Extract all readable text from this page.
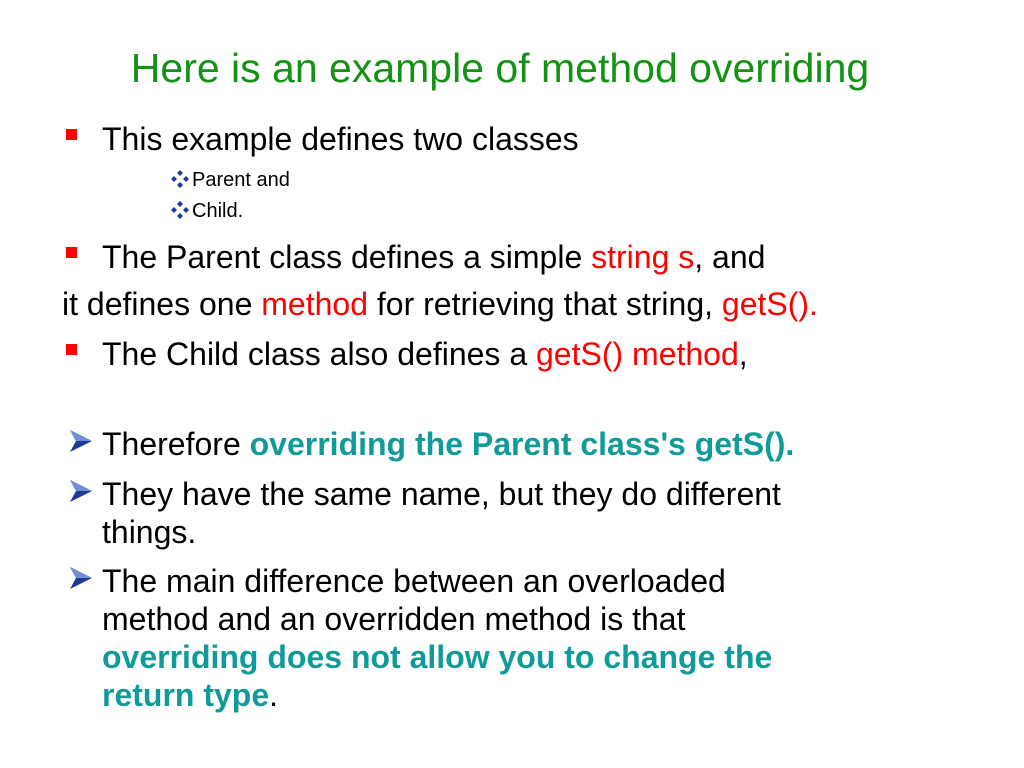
Here is an example of method overriding
This example defines two classes
Parent and
Child.
The Parent class defines a simple string s, and
it defines one method for retrieving that string, getS().
The Child class also defines a getS() method,
Therefore overriding the Parent class's getS().
They have the same name, but they do different
things.
The main difference between an overloaded
method and an overridden method is that
overriding does not allow you to change the
return type.
